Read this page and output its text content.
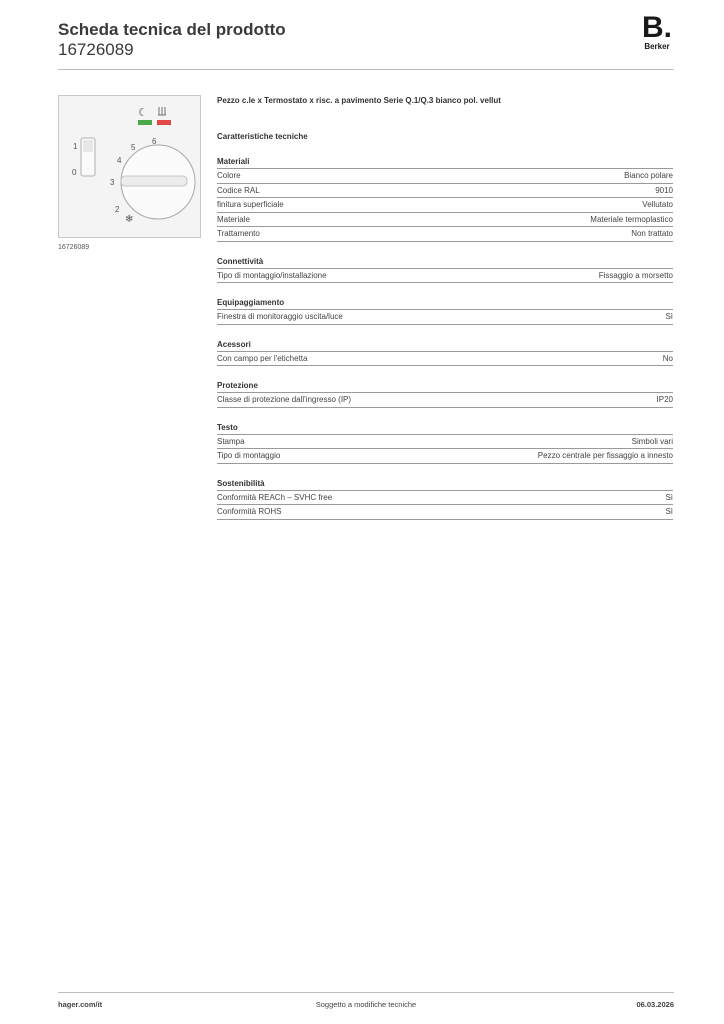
Scheda tecnica del prodotto
16726089
B.
Berker
1
0
2
3
4
5
6
☾
❄
16726089
Pezzo c.le x Termostato x risc. a pavimento Serie Q.1/Q.3 bianco pol. vellut
Caratteristiche tecniche
Materiali
Colore	Bianco polare
Codice RAL	9010
finitura superficiale	Vellutato
Materiale	Materiale termoplastico
Trattamento	Non trattato
Connettività
Tipo di montaggio/installazione	Fissaggio a morsetto
Equipaggiamento
Finestra di monitoraggio uscita/luce	Sì
Acessori
Con campo per l'etichetta	No
Protezione
Classe di protezione dall'ingresso (IP)	IP20
Testo
Stampa	Simboli vari
Tipo di montaggio	Pezzo centrale per fissaggio a innesto
Sostenibilità
Conformità REACh – SVHC free	Sì
Conformità ROHS	Sì
hager.com/it	Soggetto a modifiche tecniche	06.03.2026
